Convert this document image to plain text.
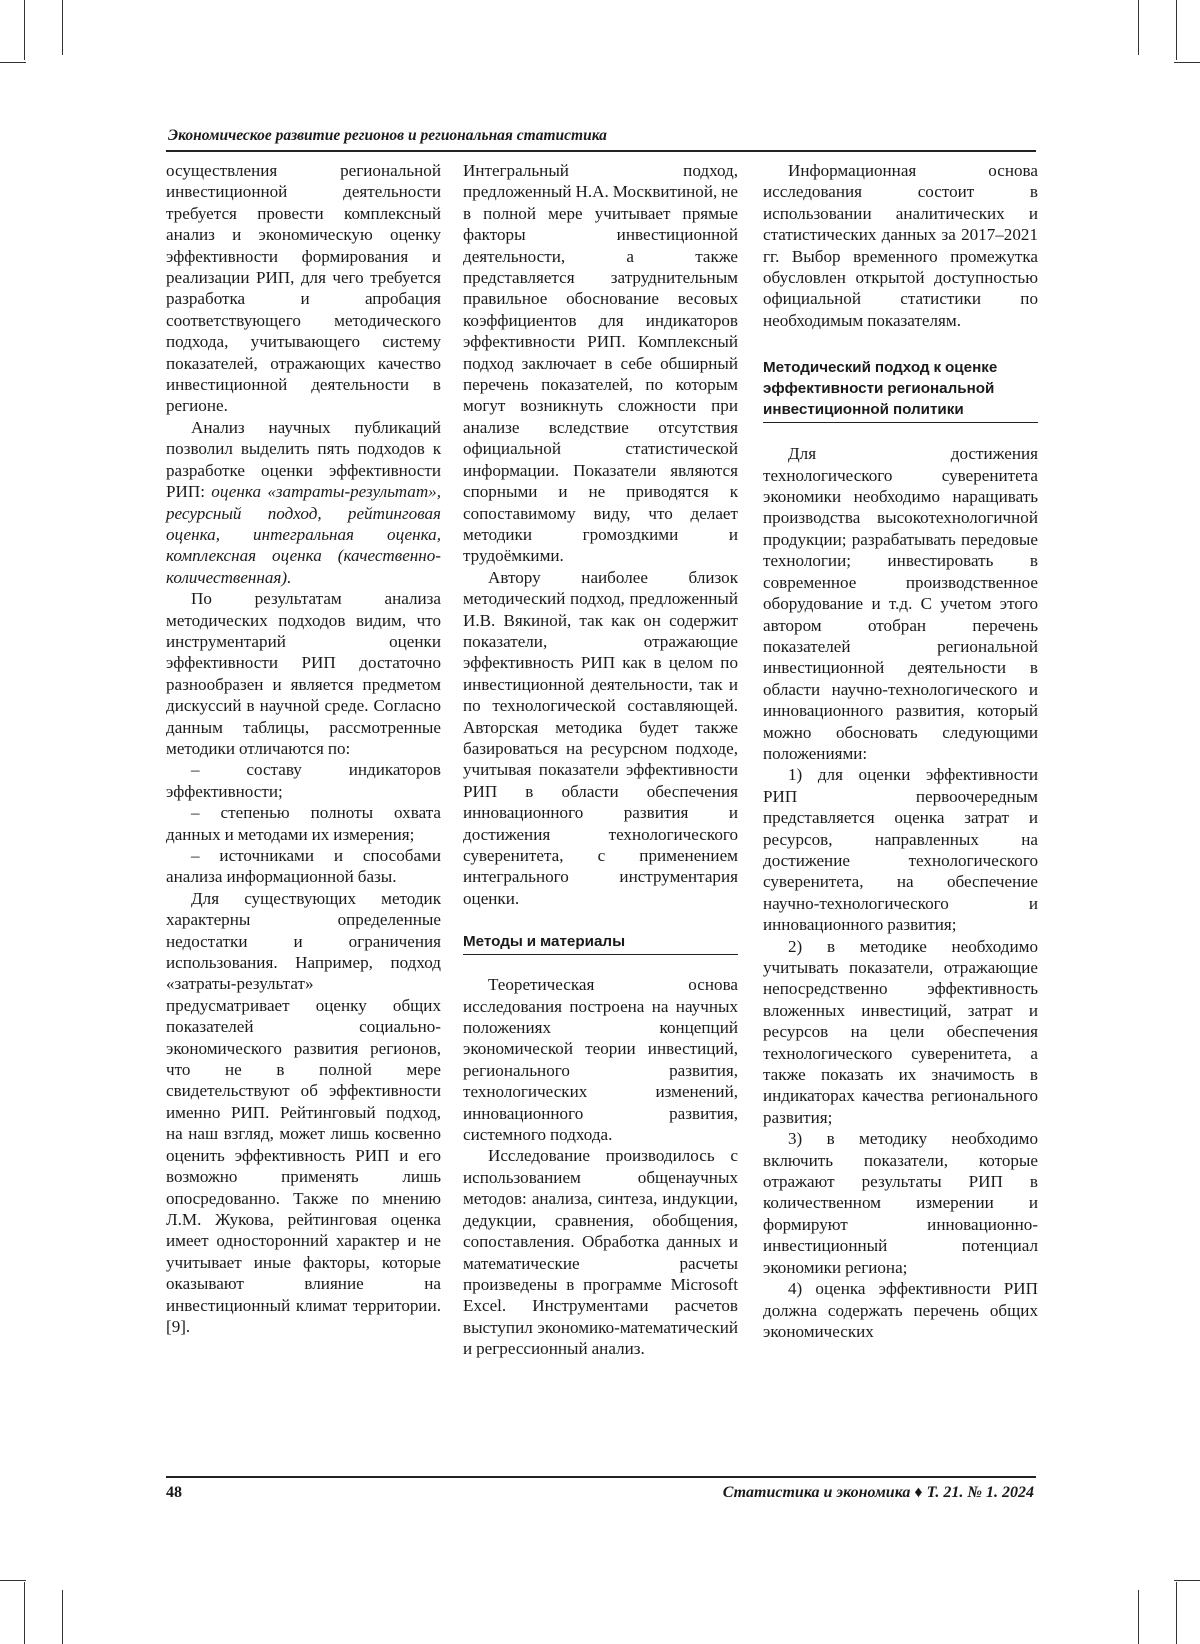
Экономическое развитие регионов и региональная статистика

осуществления региональной инвестиционной деятельности требуется провести комплексный анализ и экономическую оценку эффективности формирования и реализации РИП, для чего требуется разработка и апробация соответствующего методического подхода, учитывающего систему показателей, отражающих качество инвестиционной деятельности в регионе.

Анализ научных публикаций позволил выделить пять подходов к разработке оценки эффективности РИП: оценка «затраты-результат», ресурсный подход, рейтинговая оценка, интегральная оценка, комплексная оценка (качественно-количественная).

По результатам анализа методических подходов видим, что инструментарий оценки эффективности РИП достаточно разнообразен и является предметом дискуссий в научной среде. Согласно данным таблицы, рассмотренные методики отличаются по:

– составу индикаторов эффективности;

– степенью полноты охвата данных и методами их измерения;

– источниками и способами анализа информационной базы.

Для существующих методик характерны определенные недостатки и ограничения использования. Например, подход «затраты-результат» предусматривает оценку общих показателей социально-экономического развития регионов, что не в полной мере свидетельствуют об эффективности именно РИП. Рейтинговый подход, на наш взгляд, может лишь косвенно оценить эффективность РИП и его возможно применять лишь опосредованно. Также по мнению Л.М. Жукова, рейтинговая оценка имеет односторонний характер и не учитывает иные факторы, которые оказывают влияние на инвестиционный климат территории. [9].

Интегральный подход, предложенный Н.А. Москвитиной, не в полной мере учитывает прямые факторы инвестиционной деятельности, а также представляется затруднительным правильное обоснование весовых коэффициентов для индикаторов эффективности РИП. Комплексный подход заключает в себе обширный перечень показателей, по которым могут возникнуть сложности при анализе вследствие отсутствия официальной статистической информации. Показатели являются спорными и не приводятся к сопоставимому виду, что делает методики громоздкими и трудоёмкими.

Автору наиболее близок методический подход, предложенный И.В. Вякиной, так как он содержит показатели, отражающие эффективность РИП как в целом по инвестиционной деятельности, так и по технологической составляющей. Авторская методика будет также базироваться на ресурсном подходе, учитывая показатели эффективности РИП в области обеспечения инновационного развития и достижения технологического суверенитета, с применением интегрального инструментария оценки.

Методы и материалы

Теоретическая основа исследования построена на научных положениях концепций экономической теории инвестиций, регионального развития, технологических изменений, инновационного развития, системного подхода.

Исследование производилось с использованием общенаучных методов: анализа, синтеза, индукции, дедукции, сравнения, обобщения, сопоставления. Обработка данных и математические расчеты произведены в программе Microsoft Excel. Инструментами расчетов выступил экономико-математический и регрессионный анализ.

Информационная основа исследования состоит в использовании аналитических и статистических данных за 2017–2021 гг. Выбор временного промежутка обусловлен открытой доступностью официальной статистики по необходимым показателям.

Методический подход к оценке эффективности региональной инвестиционной политики

Для достижения технологического суверенитета экономики необходимо наращивать производства высокотехнологичной продукции; разрабатывать передовые технологии; инвестировать в современное производственное оборудование и т.д. С учетом этого автором отобран перечень показателей региональной инвестиционной деятельности в области научно-технологического и инновационного развития, который можно обосновать следующими положениями:

1) для оценки эффективности РИП первоочередным представляется оценка затрат и ресурсов, направленных на достижение технологического суверенитета, на обеспечение научно-технологического и инновационного развития;

2) в методике необходимо учитывать показатели, отражающие непосредственно эффективность вложенных инвестиций, затрат и ресурсов на цели обеспечения технологического суверенитета, а также показать их значимость в индикаторах качества регионального развития;

3) в методику необходимо включить показатели, которые отражают результаты РИП в количественном измерении и формируют инновационно-инвестиционный потенциал экономики региона;

4) оценка эффективности РИП должна содержать перечень общих экономических

48	Статистика и экономика ♦ Т. 21. № 1. 2024
